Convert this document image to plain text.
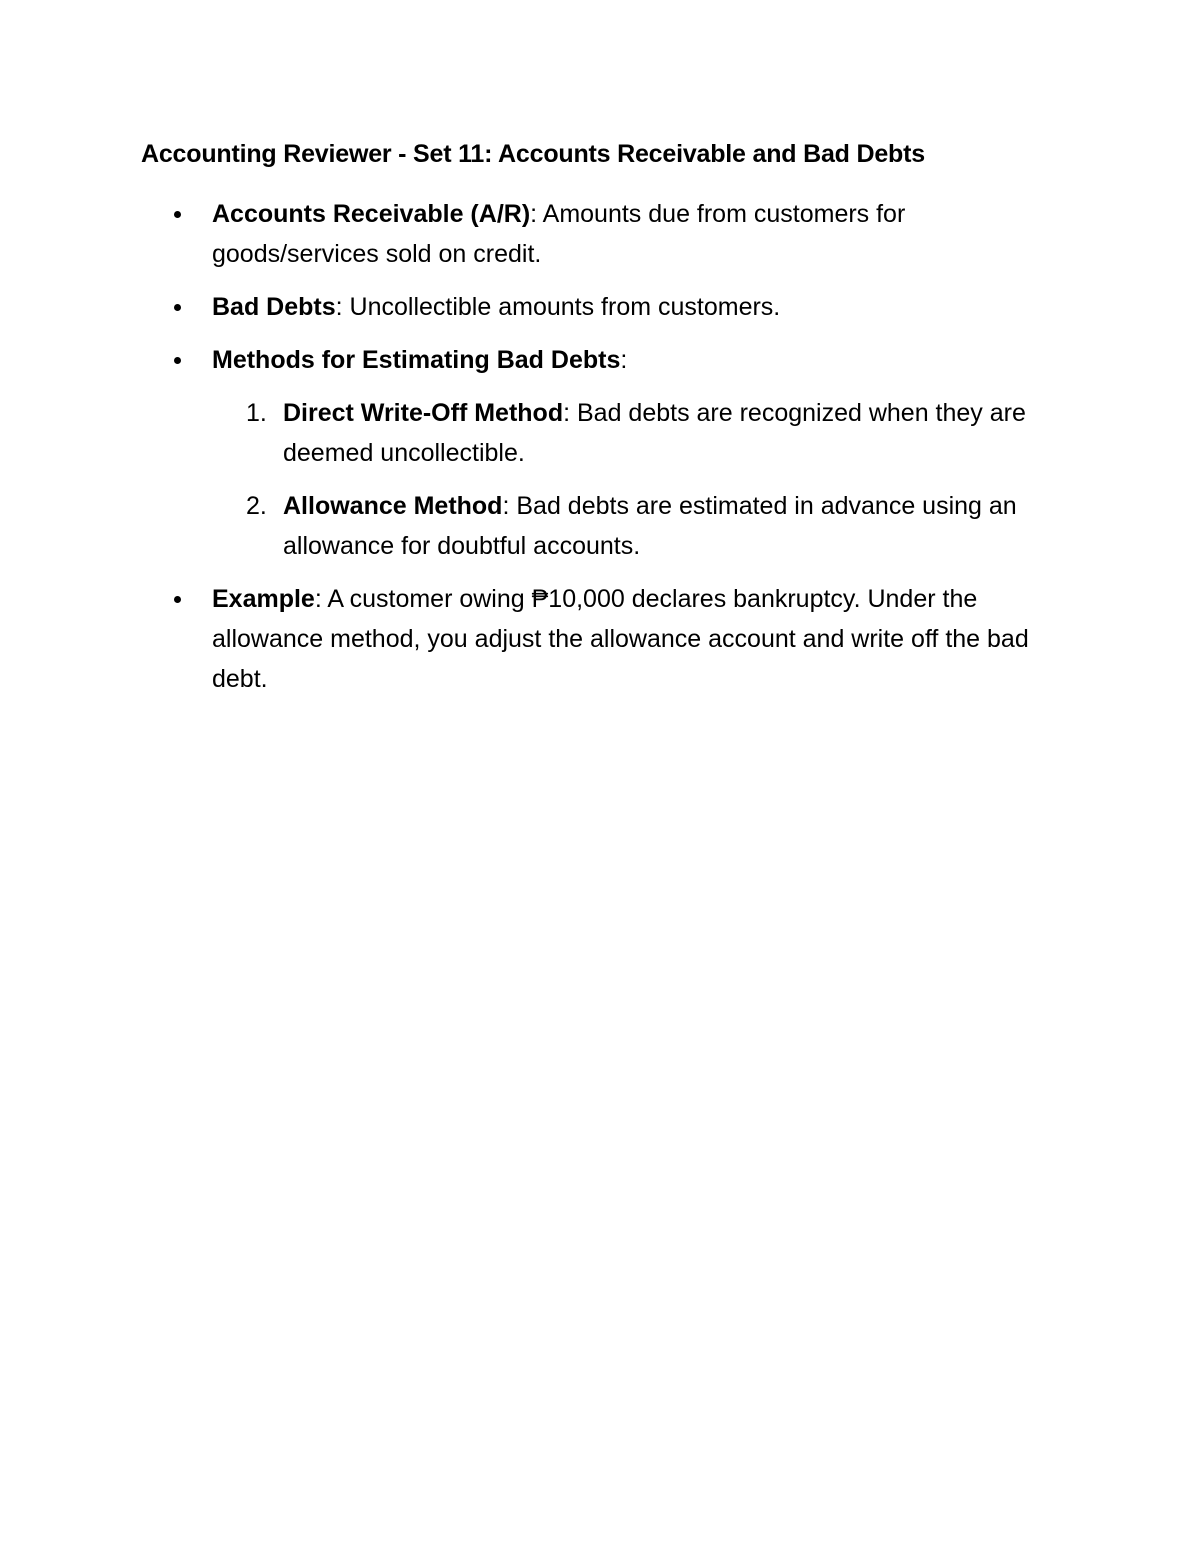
Accounting Reviewer - Set 11: Accounts Receivable and Bad Debts
Accounts Receivable (A/R): Amounts due from customers for goods/services sold on credit.
Bad Debts: Uncollectible amounts from customers.
Methods for Estimating Bad Debts:
1. Direct Write-Off Method: Bad debts are recognized when they are deemed uncollectible.
2. Allowance Method: Bad debts are estimated in advance using an allowance for doubtful accounts.
Example: A customer owing ₱10,000 declares bankruptcy. Under the allowance method, you adjust the allowance account and write off the bad debt.
